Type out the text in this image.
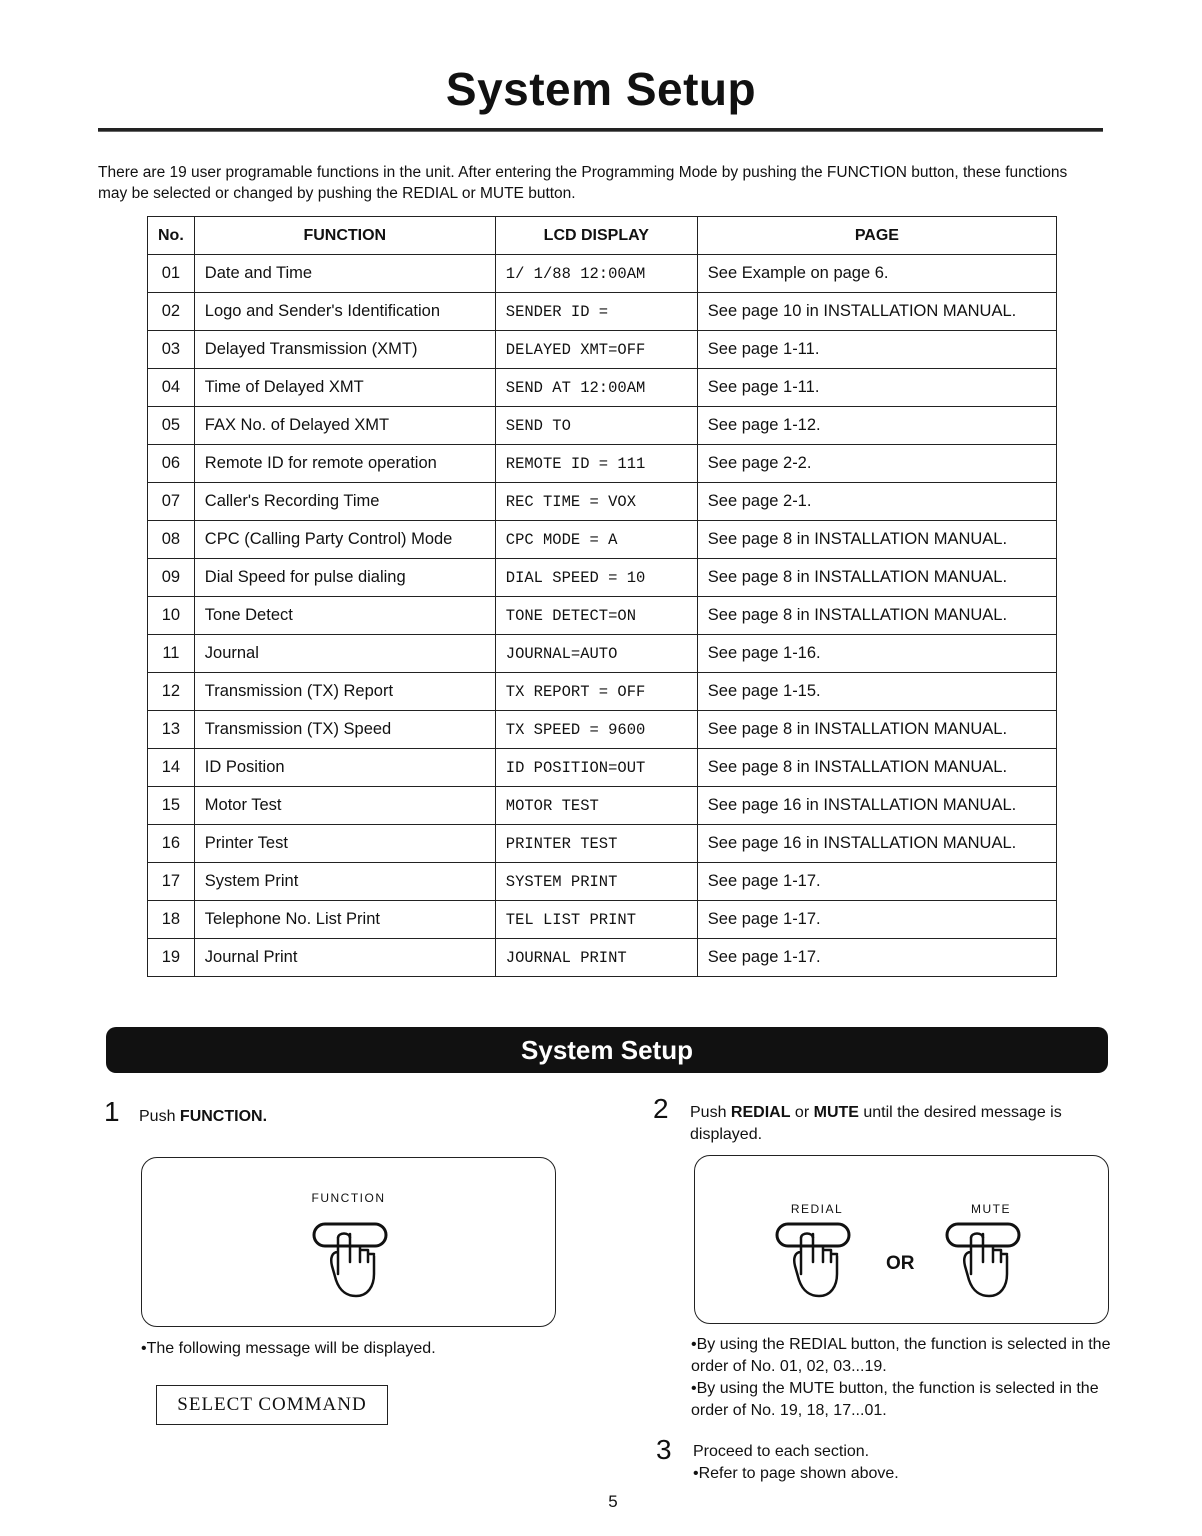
System Setup
There are 19 user programable functions in the unit. After entering the Programming Mode by pushing the FUNCTION button, these functions may be selected or changed by pushing the REDIAL or MUTE button.
No.	FUNCTION	LCD DISPLAY	PAGE
01	Date and Time	1/ 1/88 12:00AM	See Example on page 6.
02	Logo and Sender's Identification	SENDER ID =	See page 10 in INSTALLATION MANUAL.
03	Delayed Transmission (XMT)	DELAYED XMT=OFF	See page 1-11.
04	Time of Delayed XMT	SEND AT 12:00AM	See page 1-11.
05	FAX No. of Delayed XMT	SEND TO	See page 1-12.
06	Remote ID for remote operation	REMOTE ID = 111	See page 2-2.
07	Caller's Recording Time	REC TIME = VOX	See page 2-1.
08	CPC (Calling Party Control) Mode	CPC MODE = A	See page 8 in INSTALLATION MANUAL.
09	Dial Speed for pulse dialing	DIAL SPEED = 10	See page 8 in INSTALLATION MANUAL.
10	Tone Detect	TONE DETECT=ON	See page 8 in INSTALLATION MANUAL.
11	Journal	JOURNAL=AUTO	See page 1-16.
12	Transmission (TX) Report	TX REPORT = OFF	See page 1-15.
13	Transmission (TX) Speed	TX SPEED = 9600	See page 8 in INSTALLATION MANUAL.
14	ID Position	ID POSITION=OUT	See page 8 in INSTALLATION MANUAL.
15	Motor Test	MOTOR TEST	See page 16 in INSTALLATION MANUAL.
16	Printer Test	PRINTER TEST	See page 16 in INSTALLATION MANUAL.
17	System Print	SYSTEM PRINT	See page 1-17.
18	Telephone No. List Print	TEL LIST PRINT	See page 1-17.
19	Journal Print	JOURNAL PRINT	See page 1-17.
System Setup
1 Push FUNCTION.
FUNCTION
•The following message will be displayed.
SELECT COMMAND
2 Push REDIAL or MUTE until the desired message is displayed.
REDIAL
OR
MUTE
•By using the REDIAL button, the function is selected in the order of No. 01, 02, 03...19.
•By using the MUTE button, the function is selected in the order of No. 19, 18, 17...01.
3 Proceed to each section.
•Refer to page shown above.
5
